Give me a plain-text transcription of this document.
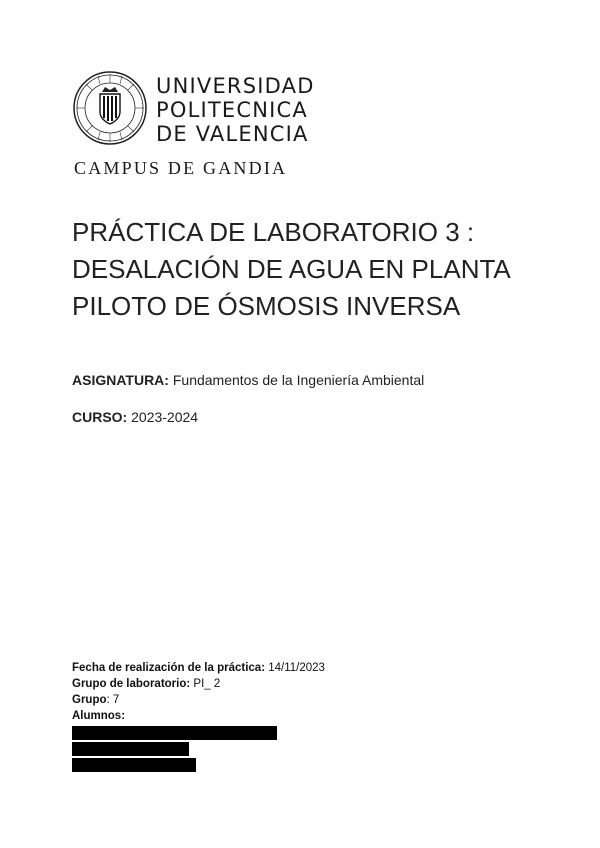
UNIVERSIDAD
POLITECNICA
DE VALENCIA
CAMPUS DE GANDIA
PRÁCTICA DE LABORATORIO 3 :
DESALACIÓN DE AGUA EN PLANTA
PILOTO DE ÓSMOSIS INVERSA
ASIGNATURA: Fundamentos de la Ingeniería Ambiental
CURSO: 2023-2024
Fecha de realización de la práctica: 14/11/2023
Grupo de laboratorio: PI_ 2
Grupo: 7
Alumnos:
